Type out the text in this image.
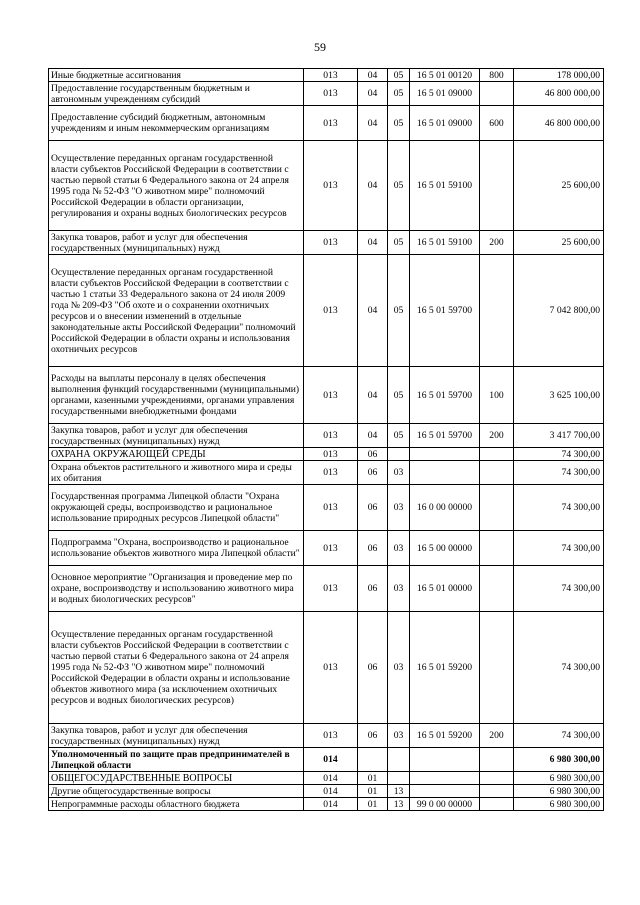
59
Иные бюджетные ассигнования	013	04	05	16 5 01 00120	800	178 000,00
Предоставление государственным бюджетным и автономным учреждениям субсидий	013	04	05	16 5 01 09000		46 800 000,00
Предоставление субсидий бюджетным, автономным учреждениям и иным некоммерческим организациям	013	04	05	16 5 01 09000	600	46 800 000,00
Осуществление переданных органам государственной власти субъектов Российской Федерации в соответствии с частью первой статьи 6 Федерального закона от 24 апреля 1995 года № 52-ФЗ "О животном мире" полномочий Российской Федерации в области организации, регулирования и охраны водных биологических ресурсов	013	04	05	16 5 01 59100		25 600,00
Закупка товаров, работ и услуг для обеспечения государственных (муниципальных) нужд	013	04	05	16 5 01 59100	200	25 600,00
Осуществление переданных органам государственной власти субъектов Российской Федерации в соответствии с частью 1 статьи 33 Федерального закона от 24 июля 2009 года № 209-ФЗ "Об охоте и о сохранении охотничьих ресурсов и о внесении изменений в отдельные законодательные акты Российской Федерации" полномочий Российской Федерации в области охраны и использования охотничьих ресурсов	013	04	05	16 5 01 59700		7 042 800,00
Расходы на выплаты персоналу в целях обеспечения выполнения функций государственными (муниципальными) органами, казенными учреждениями, органами управления государственными внебюджетными фондами	013	04	05	16 5 01 59700	100	3 625 100,00
Закупка товаров, работ и услуг для обеспечения государственных (муниципальных) нужд	013	04	05	16 5 01 59700	200	3 417 700,00
ОХРАНА ОКРУЖАЮЩЕЙ СРЕДЫ	013	06				74 300,00
Охрана объектов растительного и животного мира и среды их обитания	013	06	03			74 300,00
Государственная программа Липецкой области "Охрана окружающей среды, воспроизводство и рациональное использование природных ресурсов Липецкой области"	013	06	03	16 0 00 00000		74 300,00
Подпрограмма "Охрана, воспроизводство и рациональное использование объектов животного мира Липецкой области"	013	06	03	16 5 00 00000		74 300,00
Основное мероприятие "Организация и проведение мер по охране, воспроизводству и использованию животного мира и водных биологических ресурсов"	013	06	03	16 5 01 00000		74 300,00
Осуществление переданных органам государственной власти субъектов Российской Федерации в соответствии с частью первой статьи 6 Федерального закона от 24 апреля 1995 года № 52-ФЗ "О животном мире" полномочий Российской Федерации в области охраны и использование объектов животного мира (за исключением охотничьих ресурсов и водных биологических ресурсов)	013	06	03	16 5 01 59200		74 300,00
Закупка товаров, работ и услуг для обеспечения государственных (муниципальных) нужд	013	06	03	16 5 01 59200	200	74 300,00
Уполномоченный по защите прав предпринимателей в Липецкой области	014					6 980 300,00
ОБЩЕГОСУДАРСТВЕННЫЕ ВОПРОСЫ	014	01				6 980 300,00
Другие общегосударственные вопросы	014	01	13			6 980 300,00
Непрограммные расходы областного бюджета	014	01	13	99 0 00 00000		6 980 300,00
